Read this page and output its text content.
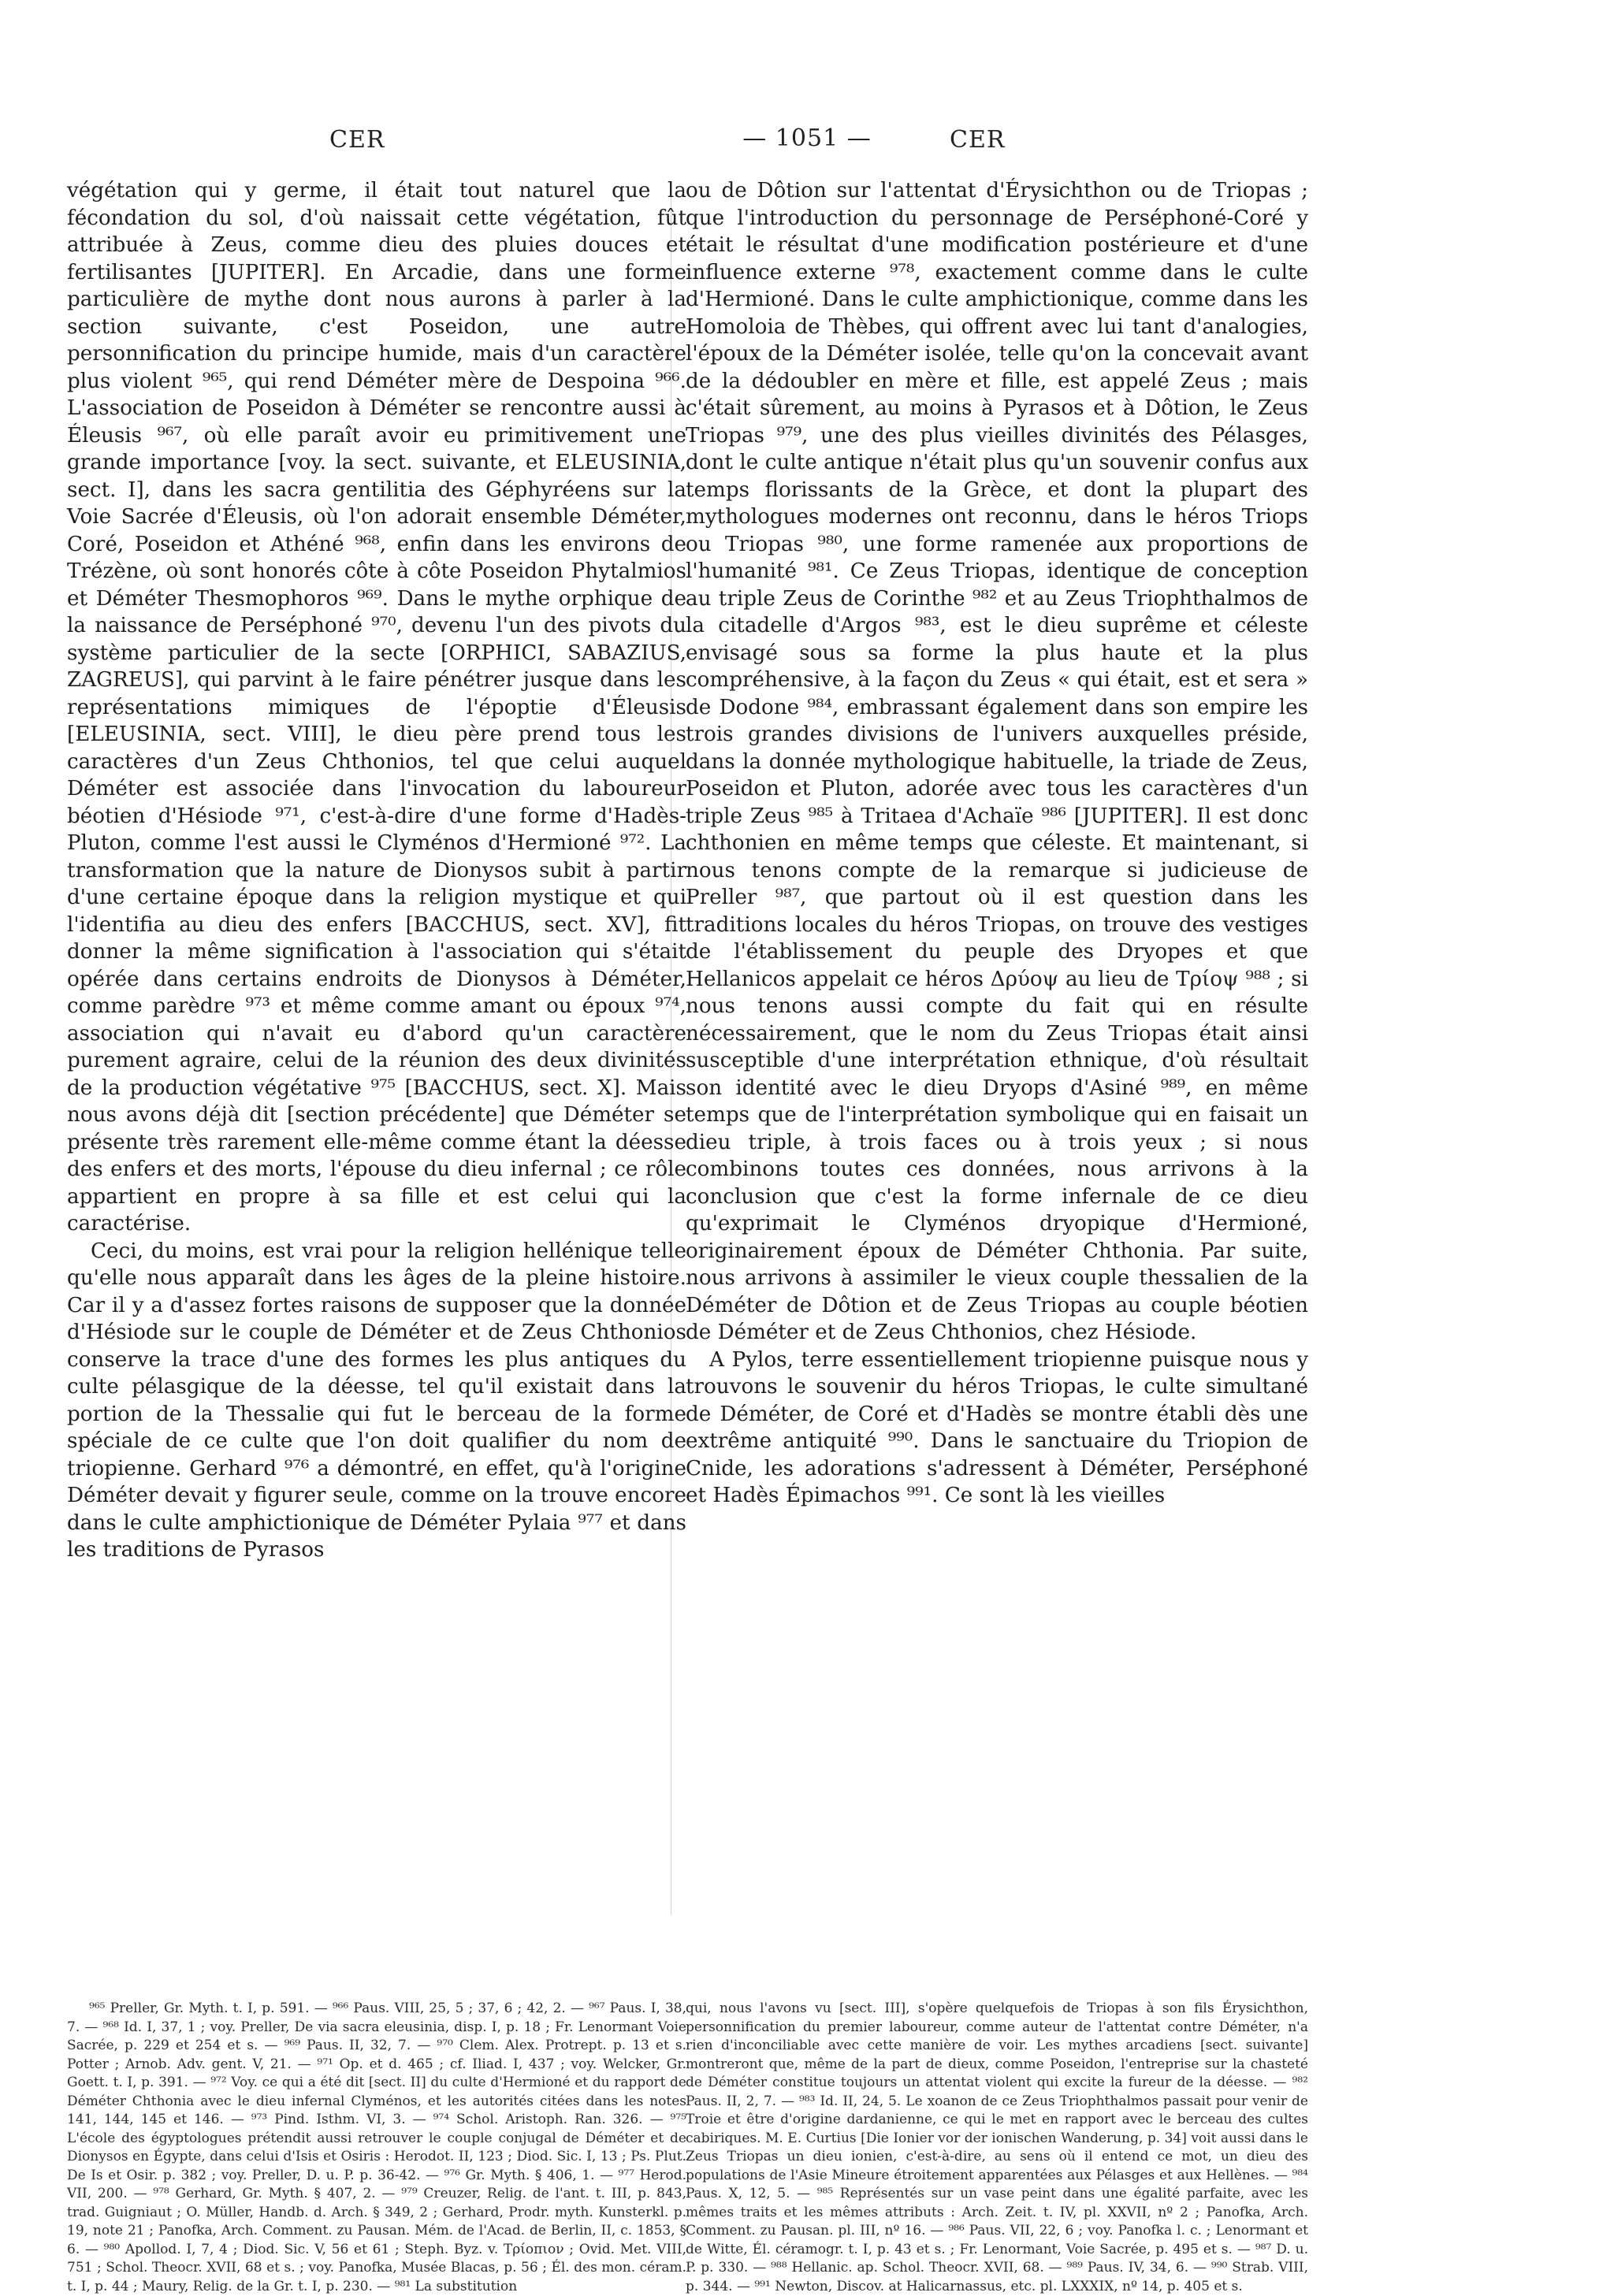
CER	— 1051 —	CER

végétation qui y germe, il était tout naturel que la fécondation du sol, d'où naissait cette végétation, fût attribuée à Zeus, comme dieu des pluies douces et fertilisantes [JUPITER]. En Arcadie, dans une forme particulière de mythe dont nous aurons à parler à la section suivante, c'est Poseidon, une autre personnification du principe humide, mais d'un caractère plus violent ⁹⁶⁵, qui rend Déméter mère de Despoina ⁹⁶⁶. L'association de Poseidon à Déméter se rencontre aussi à Éleusis ⁹⁶⁷, où elle paraît avoir eu primitivement une grande importance [voy. la sect. suivante, et ELEUSINIA, sect. I], dans les sacra gentilitia des Géphyréens sur la Voie Sacrée d'Éleusis, où l'on adorait ensemble Déméter, Coré, Poseidon et Athéné ⁹⁶⁸, enfin dans les environs de Trézène, où sont honorés côte à côte Poseidon Phytalmios et Déméter Thesmophoros ⁹⁶⁹. Dans le mythe orphique de la naissance de Perséphoné ⁹⁷⁰, devenu l'un des pivots du système particulier de la secte [ORPHICI, SABAZIUS, ZAGREUS], qui parvint à le faire pénétrer jusque dans les représentations mimiques de l'époptie d'Éleusis [ELEUSINIA, sect. VIII], le dieu père prend tous les caractères d'un Zeus Chthonios, tel que celui auquel Déméter est associée dans l'invocation du laboureur béotien d'Hésiode ⁹⁷¹, c'est-à-dire d'une forme d'Hadès-Pluton, comme l'est aussi le Clyménos d'Hermioné ⁹⁷². La transformation que la nature de Dionysos subit à partir d'une certaine époque dans la religion mystique et qui l'identifia au dieu des enfers [BACCHUS, sect. XV], fit donner la même signification à l'association qui s'était opérée dans certains endroits de Dionysos à Déméter, comme parèdre ⁹⁷³ et même comme amant ou époux ⁹⁷⁴, association qui n'avait eu d'abord qu'un caractère purement agraire, celui de la réunion des deux divinités de la production végétative ⁹⁷⁵ [BACCHUS, sect. X]. Mais nous avons déjà dit [section précédente] que Déméter se présente très rarement elle-même comme étant la déesse des enfers et des morts, l'épouse du dieu infernal ; ce rôle appartient en propre à sa fille et est celui qui la caractérise.

Ceci, du moins, est vrai pour la religion hellénique telle qu'elle nous apparaît dans les âges de la pleine histoire. Car il y a d'assez fortes raisons de supposer que la donnée d'Hésiode sur le couple de Déméter et de Zeus Chthonios conserve la trace d'une des formes les plus antiques du culte pélasgique de la déesse, tel qu'il existait dans la portion de la Thessalie qui fut le berceau de la forme spéciale de ce culte que l'on doit qualifier du nom de triopienne. Gerhard ⁹⁷⁶ a démontré, en effet, qu'à l'origine Déméter devait y figurer seule, comme on la trouve encore dans le culte amphictionique de Déméter Pylaia ⁹⁷⁷ et dans les traditions de Pyrasos

ou de Dôtion sur l'attentat d'Érysichthon ou de Triopas ; que l'introduction du personnage de Perséphoné-Coré y était le résultat d'une modification postérieure et d'une influence externe ⁹⁷⁸, exactement comme dans le culte d'Hermioné. Dans le culte amphictionique, comme dans les Homoloia de Thèbes, qui offrent avec lui tant d'analogies, l'époux de la Déméter isolée, telle qu'on la concevait avant de la dédoubler en mère et fille, est appelé Zeus ; mais c'était sûrement, au moins à Pyrasos et à Dôtion, le Zeus Triopas ⁹⁷⁹, une des plus vieilles divinités des Pélasges, dont le culte antique n'était plus qu'un souvenir confus aux temps florissants de la Grèce, et dont la plupart des mythologues modernes ont reconnu, dans le héros Triops ou Triopas ⁹⁸⁰, une forme ramenée aux proportions de l'humanité ⁹⁸¹. Ce Zeus Triopas, identique de conception au triple Zeus de Corinthe ⁹⁸² et au Zeus Triophthalmos de la citadelle d'Argos ⁹⁸³, est le dieu suprême et céleste envisagé sous sa forme la plus haute et la plus compréhensive, à la façon du Zeus « qui était, est et sera » de Dodone ⁹⁸⁴, embrassant également dans son empire les trois grandes divisions de l'univers auxquelles préside, dans la donnée mythologique habituelle, la triade de Zeus, Poseidon et Pluton, adorée avec tous les caractères d'un triple Zeus ⁹⁸⁵ à Tritaea d'Achaïe ⁹⁸⁶ [JUPITER]. Il est donc chthonien en même temps que céleste. Et maintenant, si nous tenons compte de la remarque si judicieuse de Preller ⁹⁸⁷, que partout où il est question dans les traditions locales du héros Triopas, on trouve des vestiges de l'établissement du peuple des Dryopes et que Hellanicos appelait ce héros Δρύοψ au lieu de Τρίοψ ⁹⁸⁸ ; si nous tenons aussi compte du fait qui en résulte nécessairement, que le nom du Zeus Triopas était ainsi susceptible d'une interprétation ethnique, d'où résultait son identité avec le dieu Dryops d'Asiné ⁹⁸⁹, en même temps que de l'interprétation symbolique qui en faisait un dieu triple, à trois faces ou à trois yeux ; si nous combinons toutes ces données, nous arrivons à la conclusion que c'est la forme infernale de ce dieu qu'exprimait le Clyménos dryopique d'Hermioné, originairement époux de Déméter Chthonia. Par suite, nous arrivons à assimiler le vieux couple thessalien de la Déméter de Dôtion et de Zeus Triopas au couple béotien de Déméter et de Zeus Chthonios, chez Hésiode.

A Pylos, terre essentiellement triopienne puisque nous y trouvons le souvenir du héros Triopas, le culte simultané de Déméter, de Coré et d'Hadès se montre établi dès une extrême antiquité ⁹⁹⁰. Dans le sanctuaire du Triopion de Cnide, les adorations s'adressent à Déméter, Perséphoné et Hadès Épimachos ⁹⁹¹. Ce sont là les vieilles

⁹⁶⁵ Preller, Gr. Myth. t. I, p. 591. — ⁹⁶⁶ Paus. VIII, 25, 5 ; 37, 6 ; 42, 2. — ⁹⁶⁷ Paus. I, 38, 7. — ⁹⁶⁸ Id. I, 37, 1 ; voy. Preller, De via sacra eleusinia, disp. I, p. 18 ; Fr. Lenormant Voie Sacrée, p. 229 et 254 et s. — ⁹⁶⁹ Paus. II, 32, 7. — ⁹⁷⁰ Clem. Alex. Protrept. p. 13 et s. Potter ; Arnob. Adv. gent. V, 21. — ⁹⁷¹ Op. et d. 465 ; cf. Iliad. I, 437 ; voy. Welcker, Gr. Goett. t. I, p. 391. — ⁹⁷² Voy. ce qui a été dit [sect. II] du culte d'Hermioné et du rapport de Déméter Chthonia avec le dieu infernal Clyménos, et les autorités citées dans les notes 141, 144, 145 et 146. — ⁹⁷³ Pind. Isthm. VI, 3. — ⁹⁷⁴ Schol. Aristoph. Ran. 326. — ⁹⁷⁵ L'école des égyptologues prétendit aussi retrouver le couple conjugal de Déméter et de Dionysos en Égypte, dans celui d'Isis et Osiris : Herodot. II, 123 ; Diod. Sic. I, 13 ; Ps. Plut. De Is et Osir. p. 382 ; voy. Preller, D. u. P. p. 36-42. — ⁹⁷⁶ Gr. Myth. § 406, 1. — ⁹⁷⁷ Herod. VII, 200. — ⁹⁷⁸ Gerhard, Gr. Myth. § 407, 2. — ⁹⁷⁹ Creuzer, Relig. de l'ant. t. III, p. 843, trad. Guigniaut ; O. Müller, Handb. d. Arch. § 349, 2 ; Gerhard, Prodr. myth. Kunsterkl. p. 19, note 21 ; Panofka, Arch. Comment. zu Pausan. Mém. de l'Acad. de Berlin, II, c. 1853, § 6. — ⁹⁸⁰ Apollod. I, 7, 4 ; Diod. Sic. V, 56 et 61 ; Steph. Byz. v. Τρίοπιον ; Ovid. Met. VIII, 751 ; Schol. Theocr. XVII, 68 et s. ; voy. Panofka, Musée Blacas, p. 56 ; Él. des mon. céram. t. I, p. 44 ; Maury, Relig. de la Gr. t. I, p. 230. — ⁹⁸¹ La substitution

qui, nous l'avons vu [sect. III], s'opère quelquefois de Triopas à son fils Érysichthon, personnification du premier laboureur, comme auteur de l'attentat contre Déméter, n'a rien d'inconciliable avec cette manière de voir. Les mythes arcadiens [sect. suivante] montreront que, même de la part de dieux, comme Poseidon, l'entreprise sur la chasteté de Déméter constitue toujours un attentat violent qui excite la fureur de la déesse. — ⁹⁸² Paus. II, 2, 7. — ⁹⁸³ Id. II, 24, 5. Le xoanon de ce Zeus Triophthalmos passait pour venir de Troie et être d'origine dardanienne, ce qui le met en rapport avec le berceau des cultes cabiriques. M. E. Curtius [Die Ionier vor der ionischen Wanderung, p. 34] voit aussi dans le Zeus Triopas un dieu ionien, c'est-à-dire, au sens où il entend ce mot, un dieu des populations de l'Asie Mineure étroitement apparentées aux Pélasges et aux Hellènes. — ⁹⁸⁴ Paus. X, 12, 5. — ⁹⁸⁵ Représentés sur un vase peint dans une égalité parfaite, avec les mêmes traits et les mêmes attributs : Arch. Zeit. t. IV, pl. XXVII, nº 2 ; Panofka, Arch. Comment. zu Pausan. pl. III, nº 16. — ⁹⁸⁶ Paus. VII, 22, 6 ; voy. Panofka l. c. ; Lenormant et de Witte, Él. céramogr. t. I, p. 43 et s. ; Fr. Lenormant, Voie Sacrée, p. 495 et s. — ⁹⁸⁷ D. u. P. p. 330. — ⁹⁸⁸ Hellanic. ap. Schol. Theocr. XVII, 68. — ⁹⁸⁹ Paus. IV, 34, 6. — ⁹⁹⁰ Strab. VIII, p. 344. — ⁹⁹¹ Newton, Discov. at Halicarnassus, etc. pl. LXXXIX, nº 14, p. 405 et s.
